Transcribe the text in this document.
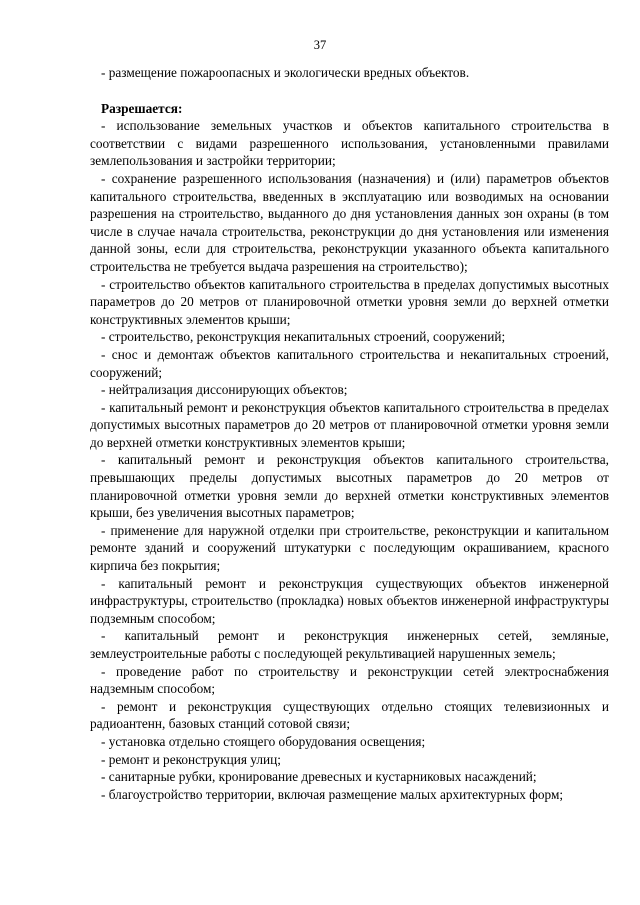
37

- размещение пожароопасных и экологически вредных объектов.

Разрешается:

- использование земельных участков и объектов капитального строительства в соответствии с видами разрешенного использования, установленными правилами землепользования и застройки территории;

- сохранение разрешенного использования (назначения) и (или) параметров объектов капитального строительства, введенных в эксплуатацию или возводимых на основании разрешения на строительство, выданного до дня установления данных зон охраны (в том числе в случае начала строительства, реконструкции до дня установления или изменения данной зоны, если для строительства, реконструкции указанного объекта капитального строительства не требуется выдача разрешения на строительство);

- строительство объектов капитального строительства в пределах допустимых высотных параметров до 20 метров от планировочной отметки уровня земли до верхней отметки конструктивных элементов крыши;

- строительство, реконструкция некапитальных строений, сооружений;

- снос и демонтаж объектов капитального строительства и некапитальных строений, сооружений;

- нейтрализация диссонирующих объектов;

- капитальный ремонт и реконструкция объектов капитального строительства в пределах допустимых высотных параметров до 20 метров от планировочной отметки уровня земли до верхней отметки конструктивных элементов крыши;

- капитальный ремонт и реконструкция объектов капитального строительства, превышающих пределы допустимых высотных параметров до 20 метров от планировочной отметки уровня земли до верхней отметки конструктивных элементов крыши, без увеличения высотных параметров;

- применение для наружной отделки при строительстве, реконструкции и капитальном ремонте зданий и сооружений штукатурки с последующим окрашиванием, красного кирпича без покрытия;

- капитальный ремонт и реконструкция существующих объектов инженерной инфраструктуры, строительство (прокладка) новых объектов инженерной инфраструктуры подземным способом;

- капитальный ремонт и реконструкция инженерных сетей, земляные, землеустроительные работы с последующей рекультивацией нарушенных земель;

- проведение работ по строительству и реконструкции сетей электроснабжения надземным способом;

- ремонт и реконструкция существующих отдельно стоящих телевизионных и радиоантенн, базовых станций сотовой связи;

- установка отдельно стоящего оборудования освещения;

- ремонт и реконструкция улиц;

- санитарные рубки, кронирование древесных и кустарниковых насаждений;

- благоустройство территории, включая размещение малых архитектурных форм;
